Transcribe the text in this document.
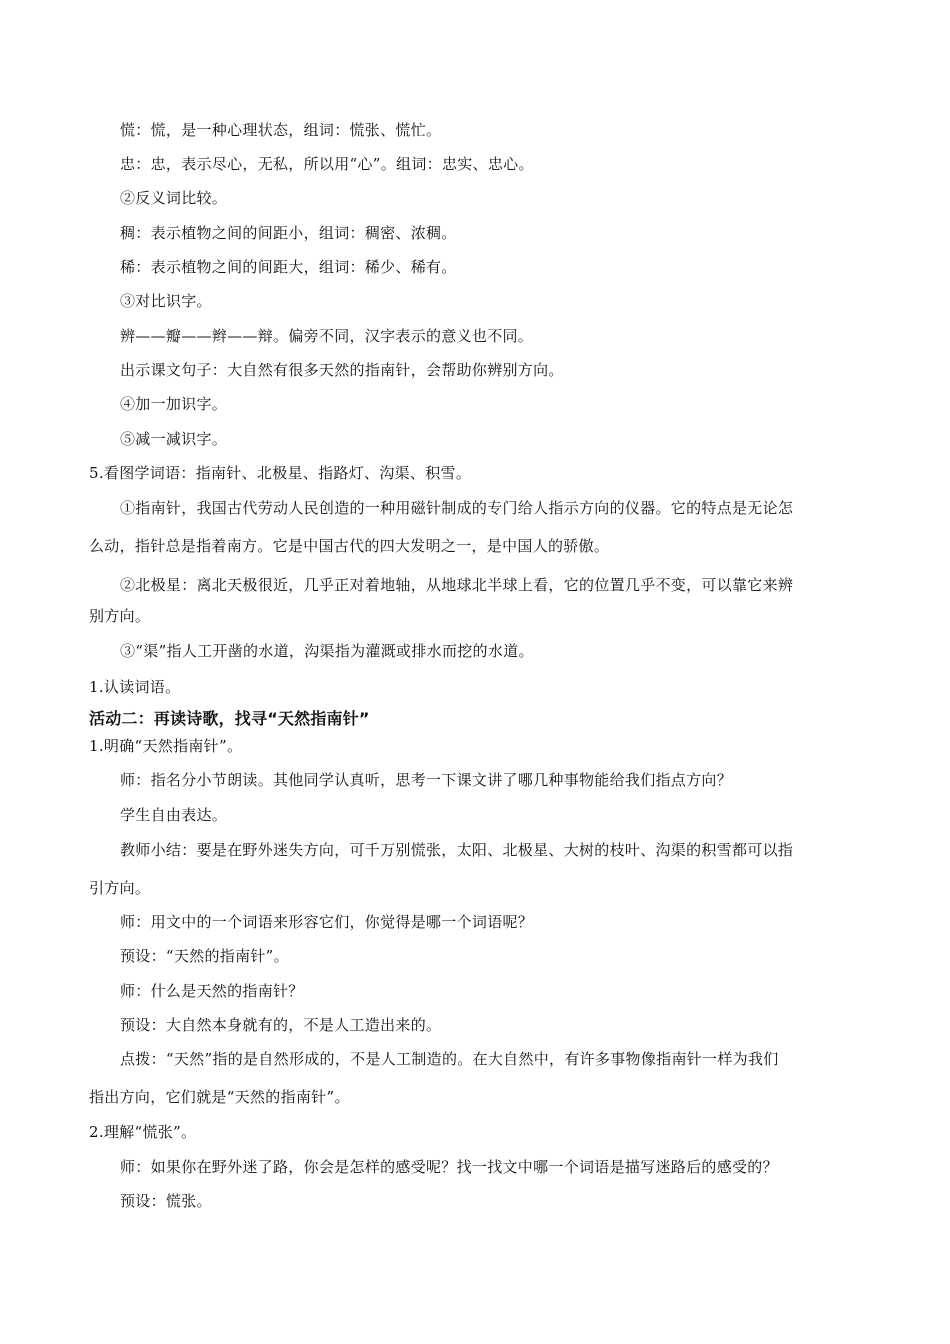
慌：慌，是一种心理状态，组词：慌张、慌忙。
忠：忠，表示尽心，无私，所以用“心”。组词：忠实、忠心。
②反义词比较。
稠：表示植物之间的间距小，组词：稠密、浓稠。
稀：表示植物之间的间距大，组词：稀少、稀有。
③对比识字。
辨——瓣——辫——辩。偏旁不同，汉字表示的意义也不同。
出示课文句子：大自然有很多天然的指南针，会帮助你辨别方向。
④加一加识字。
⑤减一减识字。
5.看图学词语：指南针、北极星、指路灯、沟渠、积雪。
①指南针，我国古代劳动人民创造的一种用磁针制成的专门给人指示方向的仪器。它的特点是无论怎
么动，指针总是指着南方。它是中国古代的四大发明之一，是中国人的骄傲。
②北极星：离北天极很近，几乎正对着地轴，从地球北半球上看，它的位置几乎不变，可以靠它来辨
别方向。
③“渠”指人工开凿的水道，沟渠指为灌溉或排水而挖的水道。
1.认读词语。
活动二：再读诗歌，找寻“天然指南针”
1.明确“天然指南针”。
师：指名分小节朗读。其他同学认真听，思考一下课文讲了哪几种事物能给我们指点方向？
学生自由表达。
教师小结：要是在野外迷失方向，可千万别慌张，太阳、北极星、大树的枝叶、沟渠的积雪都可以指
引方向。
师：用文中的一个词语来形容它们，你觉得是哪一个词语呢？
预设：“天然的指南针”。
师：什么是天然的指南针？
预设：大自然本身就有的，不是人工造出来的。
点拨：“天然”指的是自然形成的，不是人工制造的。在大自然中，有许多事物像指南针一样为我们
指出方向，它们就是“天然的指南针”。
2.理解“慌张”。
师：如果你在野外迷了路，你会是怎样的感受呢？找一找文中哪一个词语是描写迷路后的感受的？
预设：慌张。
